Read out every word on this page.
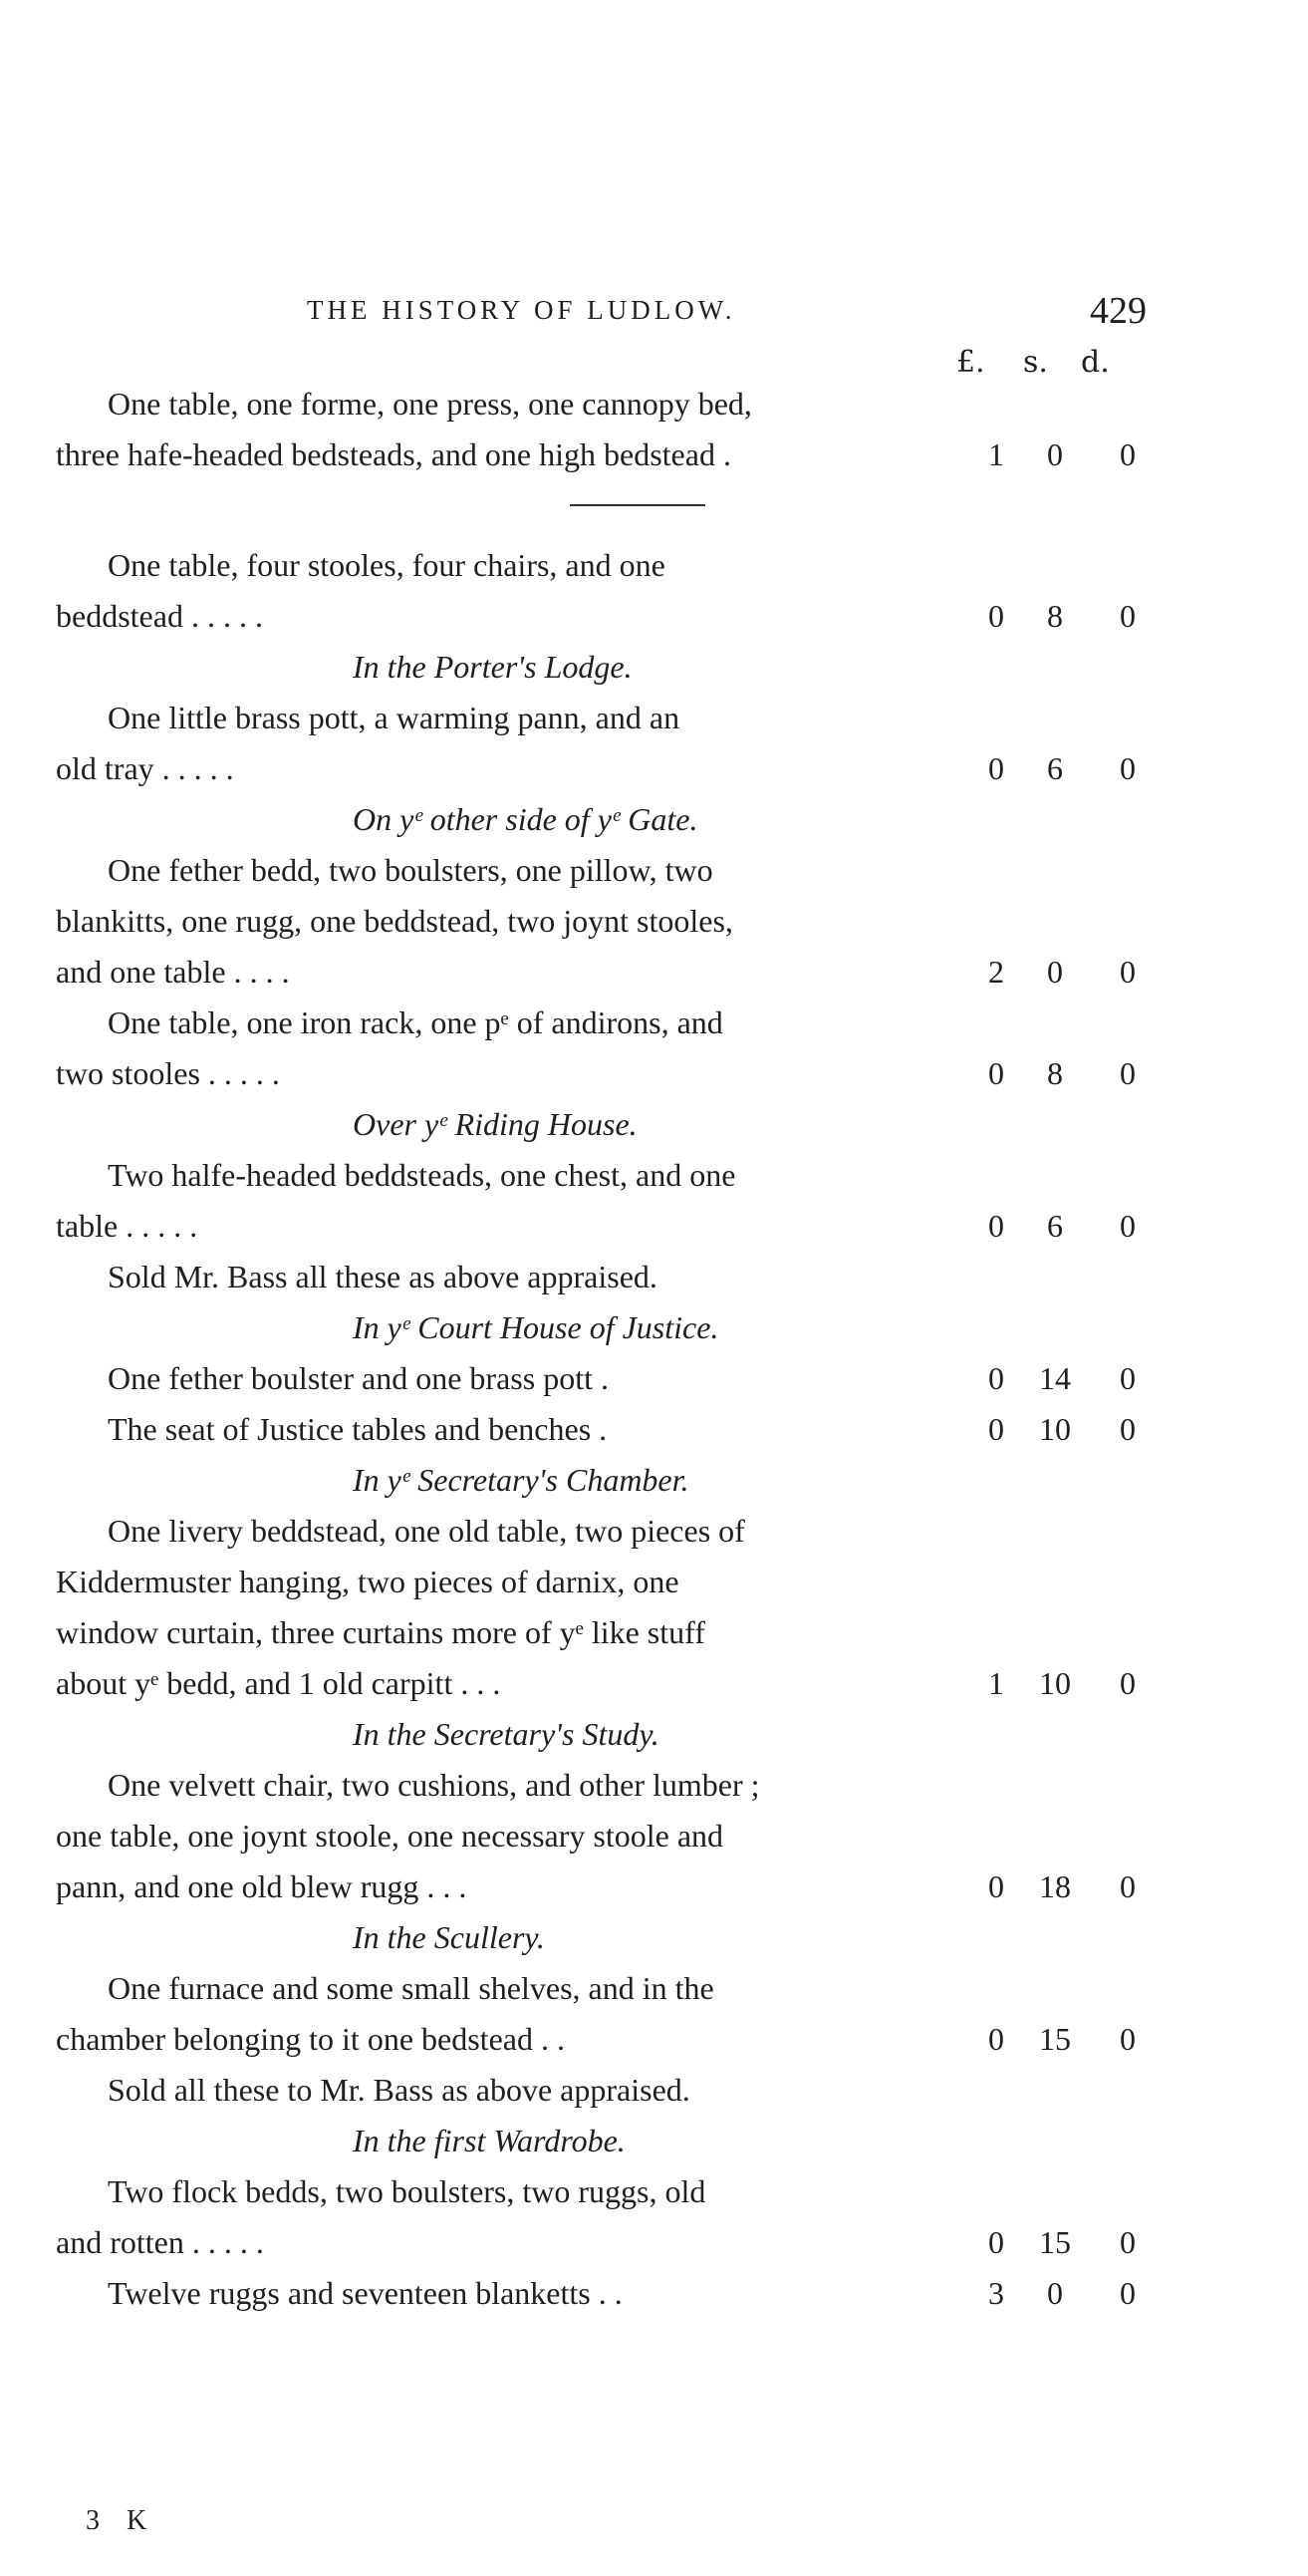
THE HISTORY OF LUDLOW.	429
£. s. d.
One table, one forme, one press, one cannopy bed,
three hafe-headed bedsteads, and one high bedstead .	1	0	0
One table, four stooles, four chairs, and one
beddstead . . . . .	0	8	0
In the Porter's Lodge.
One little brass pott, a warming pann, and an
old tray . . . . .	0	6	0
On yᵉ other side of yᵉ Gate.
One fether bedd, two boulsters, one pillow, two
blankitts, one rugg, one beddstead, two joynt stooles,
and one table . . . .	2	0	0
One table, one iron rack, one pᵉ of andirons, and
two stooles . . . . .	0	8	0
Over yᵉ Riding House.
Two halfe-headed beddsteads, one chest, and one
table . . . . .	0	6	0
Sold Mr. Bass all these as above appraised.
In yᵉ Court House of Justice.
One fether boulster and one brass pott .	0	14	0
The seat of Justice tables and benches .	0	10	0
In yᵉ Secretary's Chamber.
One livery beddstead, one old table, two pieces of
Kiddermuster hanging, two pieces of darnix, one
window curtain, three curtains more of yᵉ like stuff
about yᵉ bedd, and 1 old carpitt . . .	1	10	0
In the Secretary's Study.
One velvett chair, two cushions, and other lumber ;
one table, one joynt stoole, one necessary stoole and
pann, and one old blew rugg . . .	0	18	0
In the Scullery.
One furnace and some small shelves, and in the
chamber belonging to it one bedstead . .	0	15	0
Sold all these to Mr. Bass as above appraised.
In the first Wardrobe.
Two flock bedds, two boulsters, two ruggs, old
and rotten . . . . .	0	15	0
Twelve ruggs and seventeen blanketts . .	3	0	0
3 K
